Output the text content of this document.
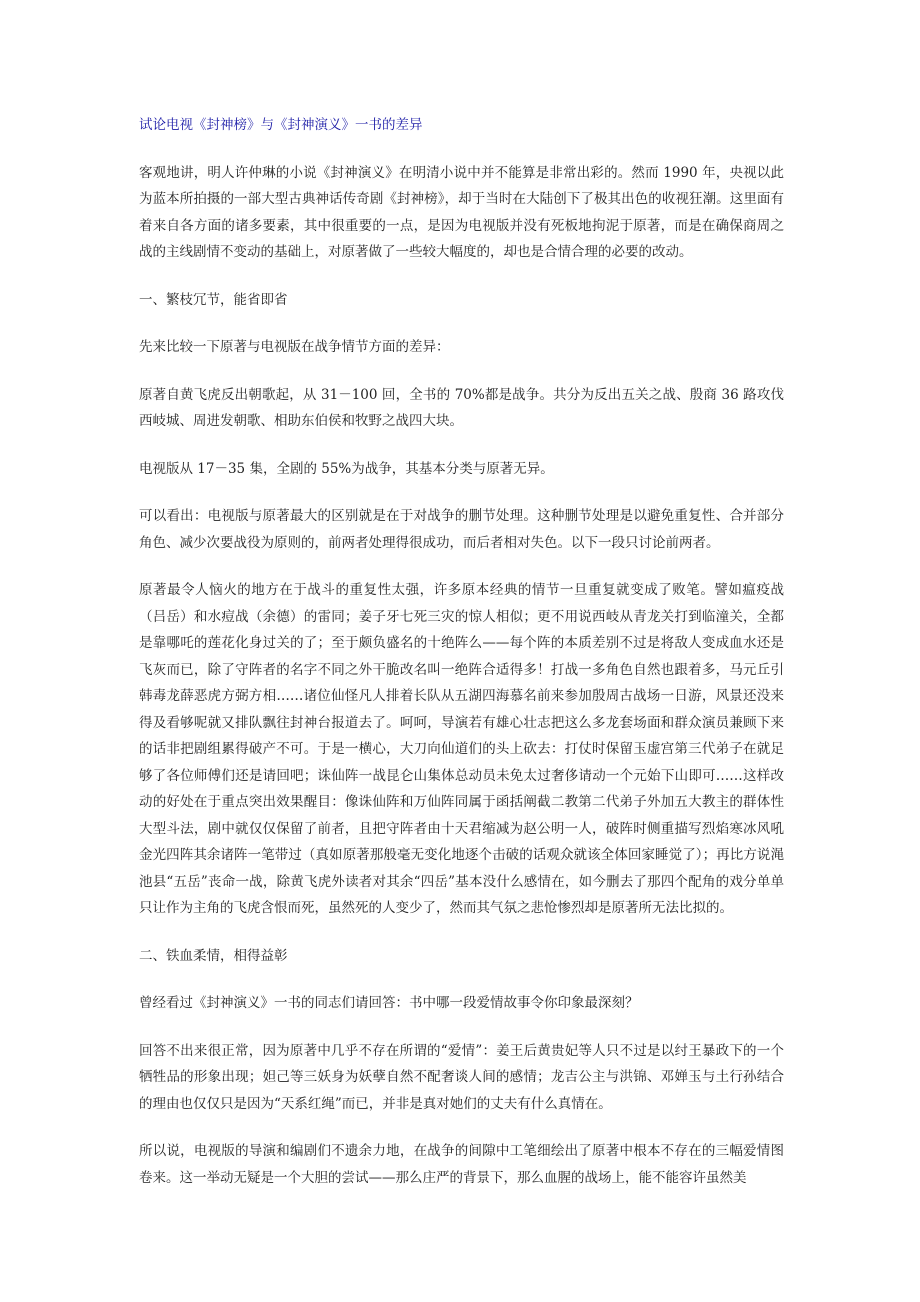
试论电视《封神榜》与《封神演义》一书的差异
客观地讲，明人许仲琳的小说《封神演义》在明清小说中并不能算是非常出彩的。然而 1990 年，央视以此为蓝本所拍摄的一部大型古典神话传奇剧《封神榜》，却于当时在大陆创下了极其出色的收视狂潮。这里面有着来自各方面的诸多要素，其中很重要的一点，是因为电视版并没有死板地拘泥于原著，而是在确保商周之战的主线剧情不变动的基础上，对原著做了一些较大幅度的，却也是合情合理的必要的改动。
一、繁枝冗节，能省即省
先来比较一下原著与电视版在战争情节方面的差异：
原著自黄飞虎反出朝歌起，从 31－100 回，全书的 70%都是战争。共分为反出五关之战、殷商 36 路攻伐西岐城、周进发朝歌、相助东伯侯和牧野之战四大块。
电视版从 17－35 集，全剧的 55%为战争，其基本分类与原著无异。
可以看出：电视版与原著最大的区别就是在于对战争的删节处理。这种删节处理是以避免重复性、合并部分角色、减少次要战役为原则的，前两者处理得很成功，而后者相对失色。以下一段只讨论前两者。
原著最令人恼火的地方在于战斗的重复性太强，许多原本经典的情节一旦重复就变成了败笔。譬如瘟疫战（吕岳）和水痘战（余德）的雷同；姜子牙七死三灾的惊人相似；更不用说西岐从青龙关打到临潼关，全都是靠哪吒的莲花化身过关的了；至于颇负盛名的十绝阵么——每个阵的本质差别不过是将敌人变成血水还是飞灰而已，除了守阵者的名字不同之外干脆改名叫一绝阵合适得多！打战一多角色自然也跟着多，马元丘引韩毒龙薛恶虎方弼方相……诸位仙怪凡人排着长队从五湖四海慕名前来参加殷周古战场一日游，风景还没来得及看够呢就又排队飘往封神台报道去了。呵呵，导演若有雄心壮志把这么多龙套场面和群众演员兼顾下来的话非把剧组累得破产不可。于是一横心，大刀向仙道们的头上砍去：打仗时保留玉虚宫第三代弟子在就足够了各位师傅们还是请回吧；诛仙阵一战昆仑山集体总动员未免太过奢侈请动一个元始下山即可……这样改动的好处在于重点突出效果醒目：像诛仙阵和万仙阵同属于函括阐截二教第二代弟子外加五大教主的群体性大型斗法，剧中就仅仅保留了前者，且把守阵者由十天君缩减为赵公明一人，破阵时侧重描写烈焰寒冰风吼金光四阵其余诸阵一笔带过（真如原著那般毫无变化地逐个击破的话观众就该全体回家睡觉了）；再比方说渑池县“五岳”丧命一战，除黄飞虎外读者对其余“四岳”基本没什么感情在，如今删去了那四个配角的戏分单单只让作为主角的飞虎含恨而死，虽然死的人变少了，然而其气氛之悲怆惨烈却是原著所无法比拟的。
二、铁血柔情，相得益彰
曾经看过《封神演义》一书的同志们请回答：书中哪一段爱情故事令你印象最深刻？
回答不出来很正常，因为原著中几乎不存在所谓的“爱情”：姜王后黄贵妃等人只不过是以纣王暴政下的一个牺牲品的形象出现；妲己等三妖身为妖孽自然不配奢谈人间的感情；龙吉公主与洪锦、邓婵玉与土行孙结合的理由也仅仅只是因为“天系红绳”而已，并非是真对她们的丈夫有什么真情在。
所以说，电视版的导演和编剧们不遗余力地，在战争的间隙中工笔细绘出了原著中根本不存在的三幅爱情图卷来。这一举动无疑是一个大胆的尝试——那么庄严的背景下，那么血腥的战场上，能不能容许虽然美
